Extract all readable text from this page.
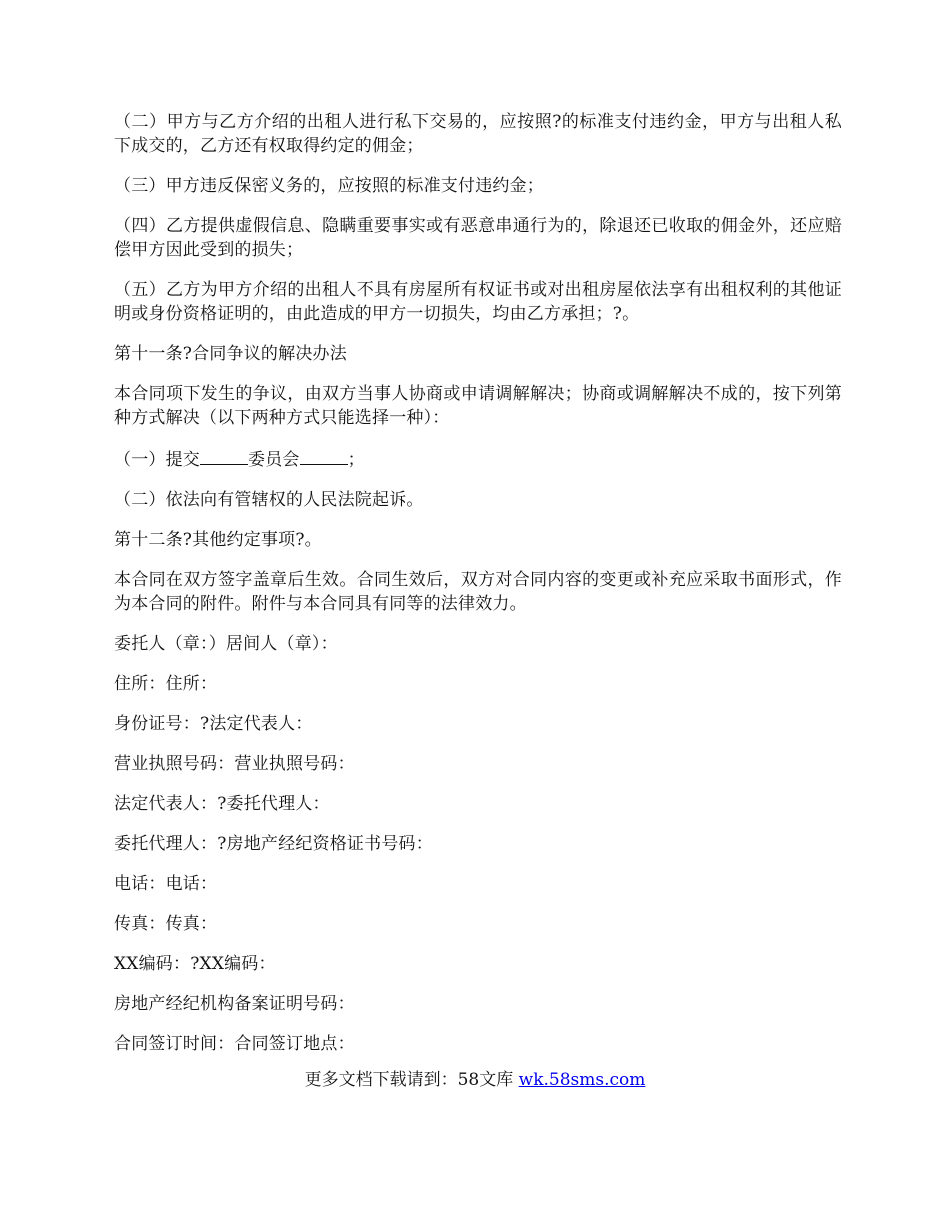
（二）甲方与乙方介绍的出租人进行私下交易的，应按照?的标准支付违约金，甲方与出租人私下成交的，乙方还有权取得约定的佣金；

（三）甲方违反保密义务的，应按照的标准支付违约金；

（四）乙方提供虚假信息、隐瞒重要事实或有恶意串通行为的，除退还已收取的佣金外，还应赔偿甲方因此受到的损失；

（五）乙方为甲方介绍的出租人不具有房屋所有权证书或对出租房屋依法享有出租权利的其他证明或身份资格证明的，由此造成的甲方一切损失，均由乙方承担；?。

第十一条?合同争议的解决办法

本合同项下发生的争议，由双方当事人协商或申请调解解决；协商或调解解决不成的，按下列第种方式解决（以下两种方式只能选择一种）：

（一）提交	委员会	；

（二）依法向有管辖权的人民法院起诉。

第十二条?其他约定事项?。

本合同在双方签字盖章后生效。合同生效后，双方对合同内容的变更或补充应采取书面形式，作为本合同的附件。附件与本合同具有同等的法律效力。

委托人（章：）居间人（章）：

住所：住所：

身份证号：?法定代表人：

营业执照号码：营业执照号码：

法定代表人：?委托代理人：

委托代理人：?房地产经纪资格证书号码：

电话：电话：

传真：传真：

XX编码：?XX编码：

房地产经纪机构备案证明号码：

合同签订时间：合同签订地点：

更多文档下载请到：58文库 wk.58sms.com
